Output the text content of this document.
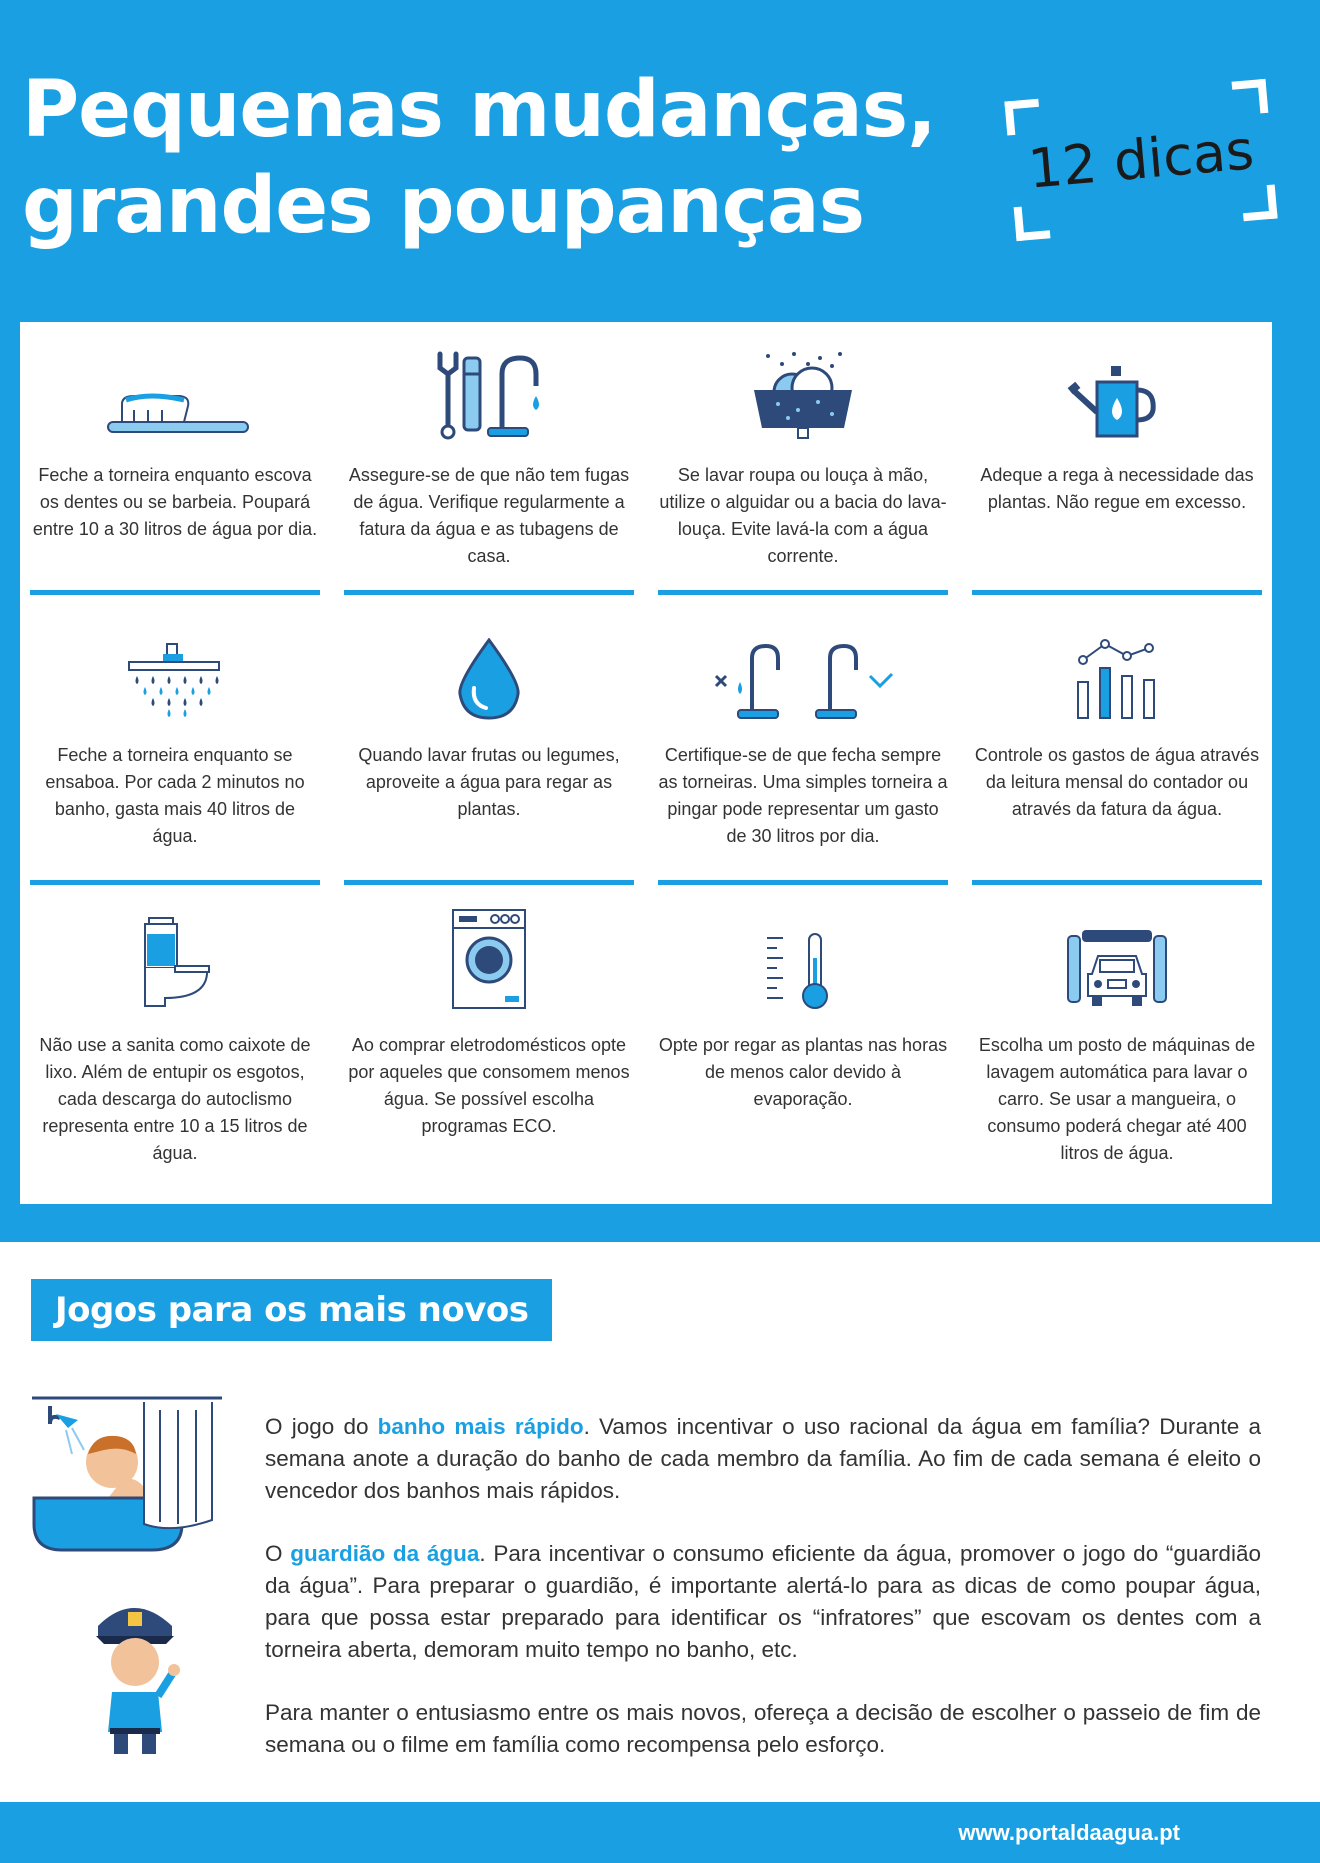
Pequenas mudanças,
grandes poupanças
12 dicas
Feche a torneira enquanto escova os dentes ou se barbeia. Poupará entre 10 a 30 litros de água por dia.
Assegure-se de que não tem fugas de água. Verifique regularmente a fatura da água e as tubagens de casa.
Se lavar roupa ou louça à mão, utilize o alguidar ou a bacia do lava-louça. Evite lavá-la com a água corrente.
Adeque a rega à necessidade das plantas. Não regue em excesso.
Feche a torneira enquanto se ensaboa. Por cada 2 minutos no banho, gasta mais 40 litros de água.
Quando lavar frutas ou legumes, aproveite a água para regar as plantas.
Certifique-se de que fecha sempre as torneiras. Uma simples torneira a pingar pode representar um gasto de 30 litros por dia.
Controle os gastos de água através da leitura mensal do contador ou através da fatura da água.
Não use a sanita como caixote de lixo. Além de entupir os esgotos, cada descarga do autoclismo representa entre 10 a 15 litros de água.
Ao comprar eletrodomésticos opte por aqueles que consomem menos água. Se possível escolha programas ECO.
Opte por regar as plantas nas horas de menos calor devido à evaporação.
Escolha um posto de máquinas de lavagem automática para lavar o carro. Se usar a mangueira, o consumo poderá chegar até 400 litros de água.
Jogos para os mais novos
O jogo do banho mais rápido. Vamos incentivar o uso racional da água em família? Durante a semana anote a duração do banho de cada membro da família. Ao fim de cada semana é eleito o vencedor dos banhos mais rápidos.
O guardião da água. Para incentivar o consumo eficiente da água, promover o jogo do “guardião da água”. Para preparar o guardião, é importante alertá-lo para as dicas de como poupar água, para que possa estar preparado para identificar os “infratores” que escovam os dentes com a torneira aberta, demoram muito tempo no banho, etc.
Para manter o entusiasmo entre os mais novos, ofereça a decisão de escolher o passeio de fim de semana ou o filme em família como recompensa pelo esforço.
www.portaldaagua.pt
